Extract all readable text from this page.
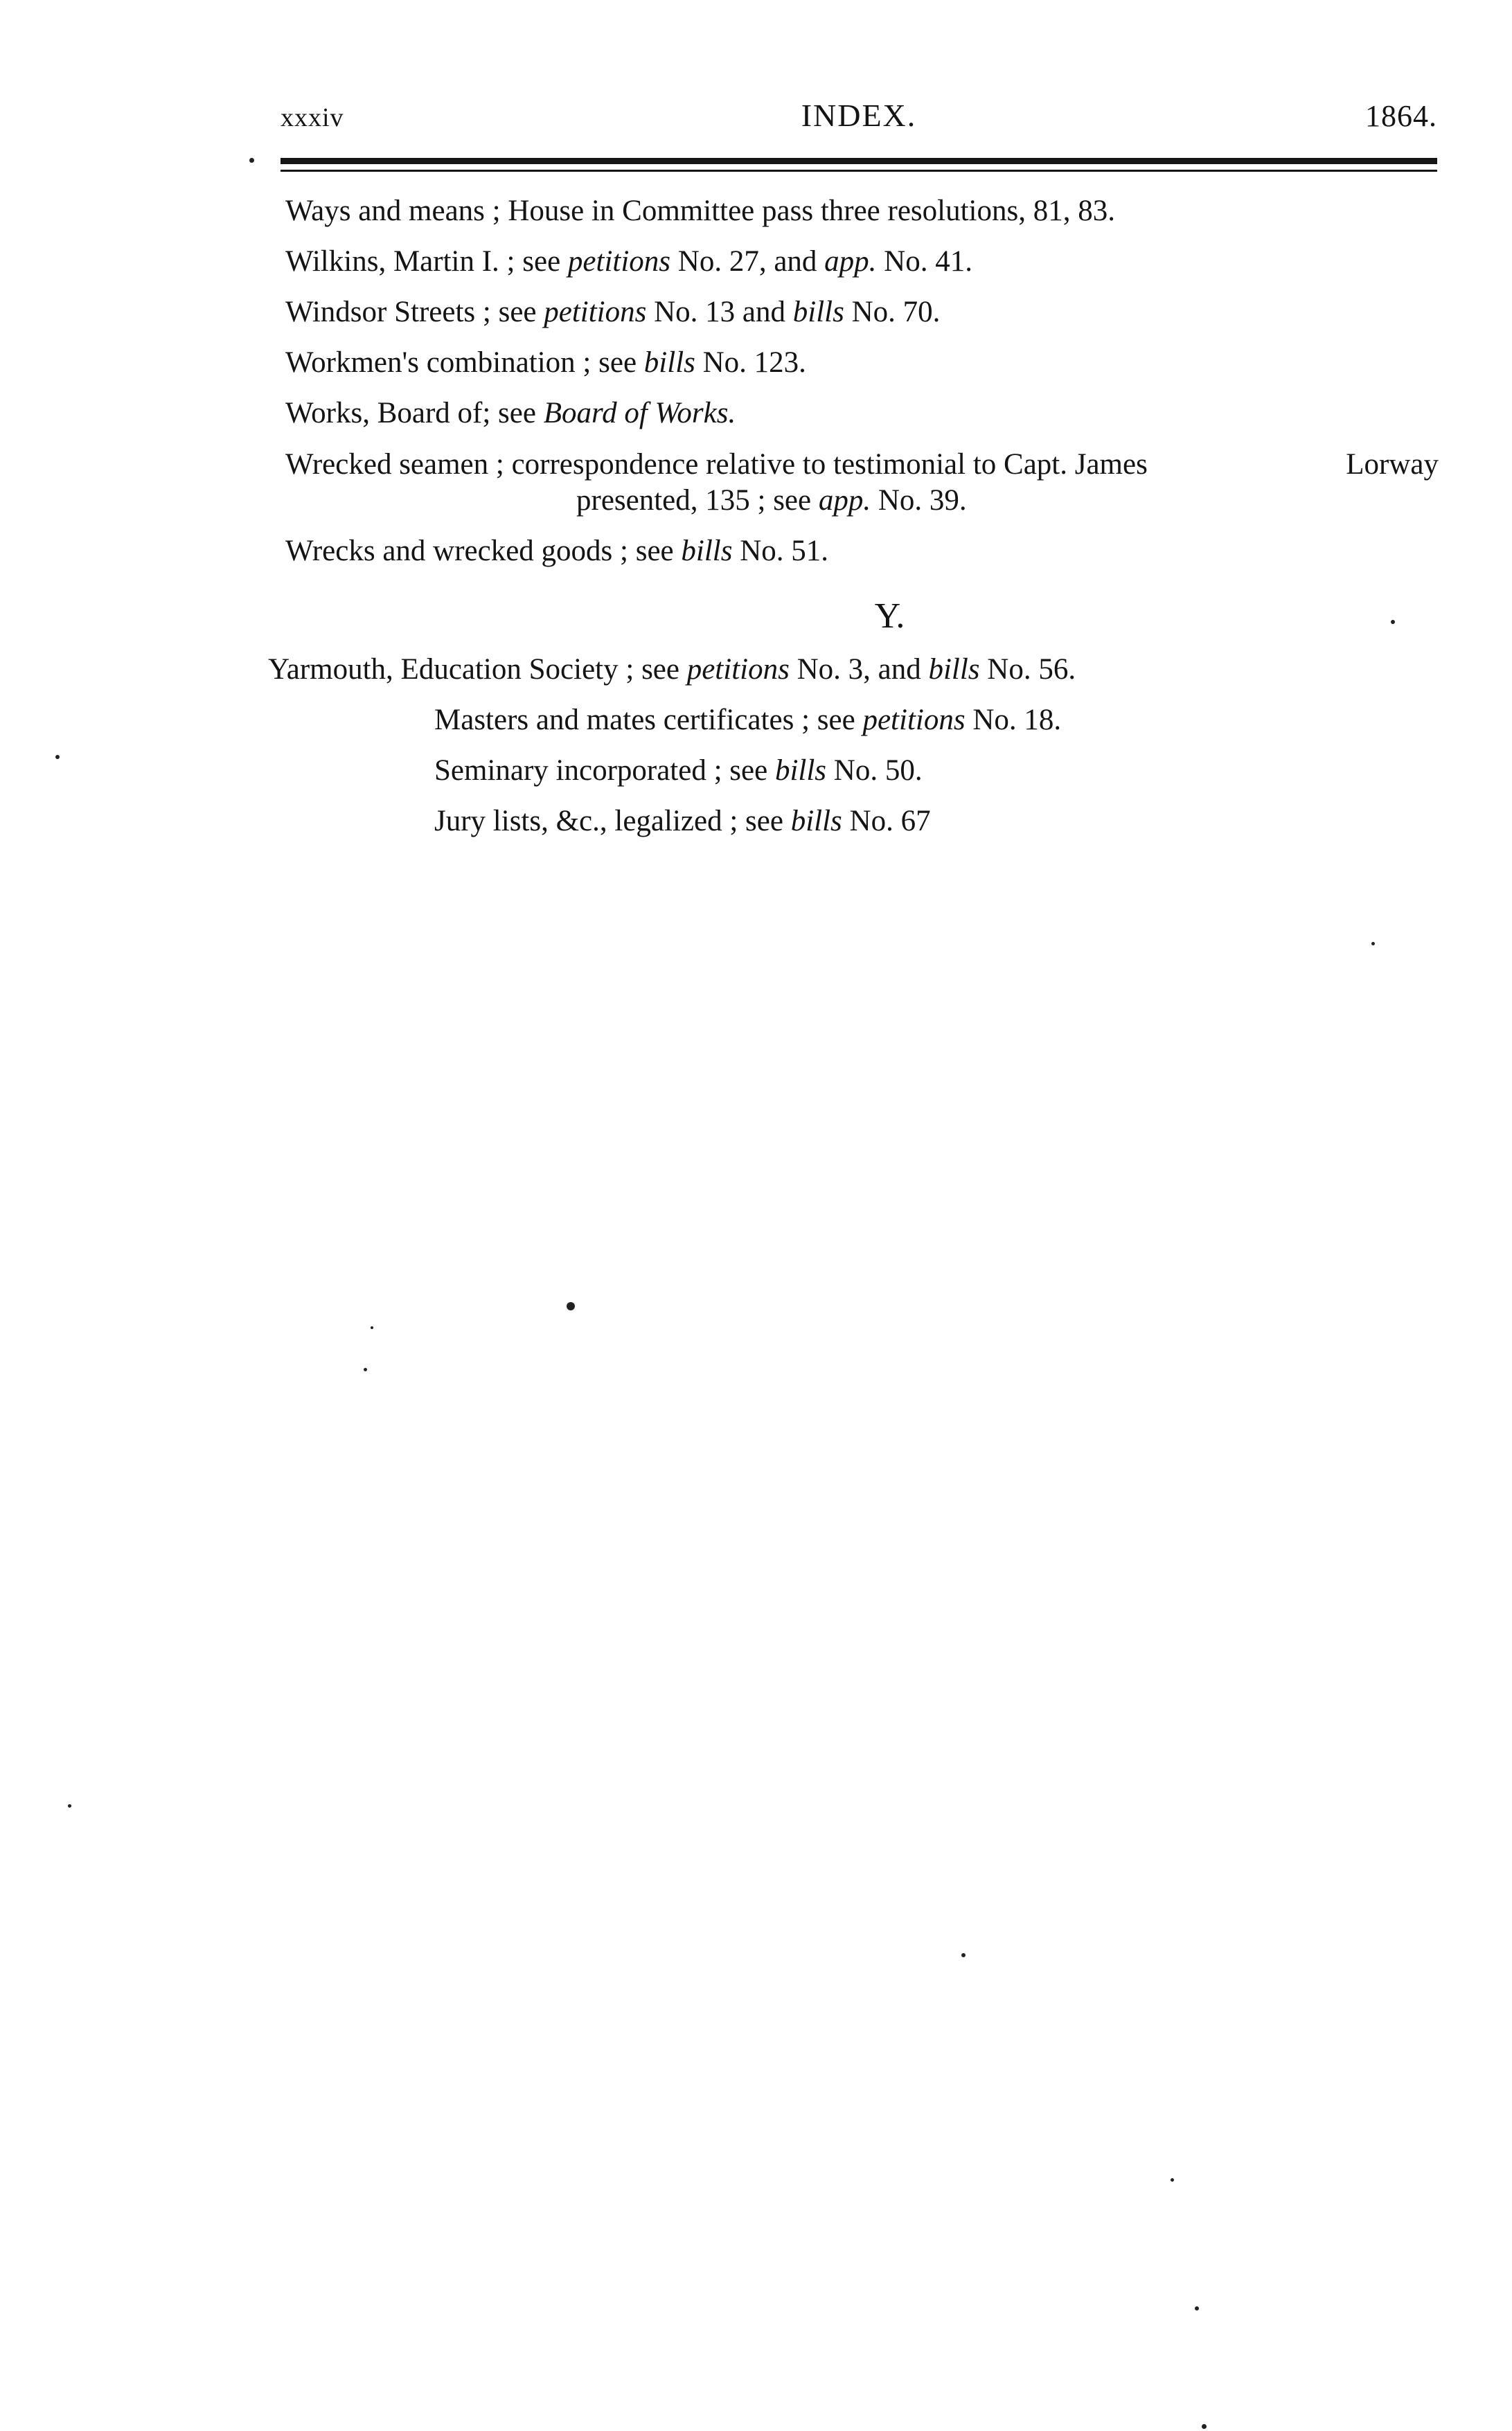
xxxiv	INDEX.	1864.
Ways and means ; House in Committee pass three resolutions, 81, 83.
Wilkins, Martin I. ; see petitions No. 27, and app. No. 41.
Windsor Streets ; see petitions No. 13 and bills No. 70.
Workmen's combination ; see bills No. 123.
Works, Board of; see Board of Works.
Wrecked seamen ; correspondence relative to testimonial to Capt. James	Lorway
presented, 135 ; see app. No. 39.
Wrecks and wrecked goods ; see bills No. 51.
Y.
Yarmouth, Education Society ; see petitions No. 3, and bills No. 56.
Masters and mates certificates ; see petitions No. 18.
Seminary incorporated ; see bills No. 50.
Jury lists, &c., legalized ; see bills No. 67
